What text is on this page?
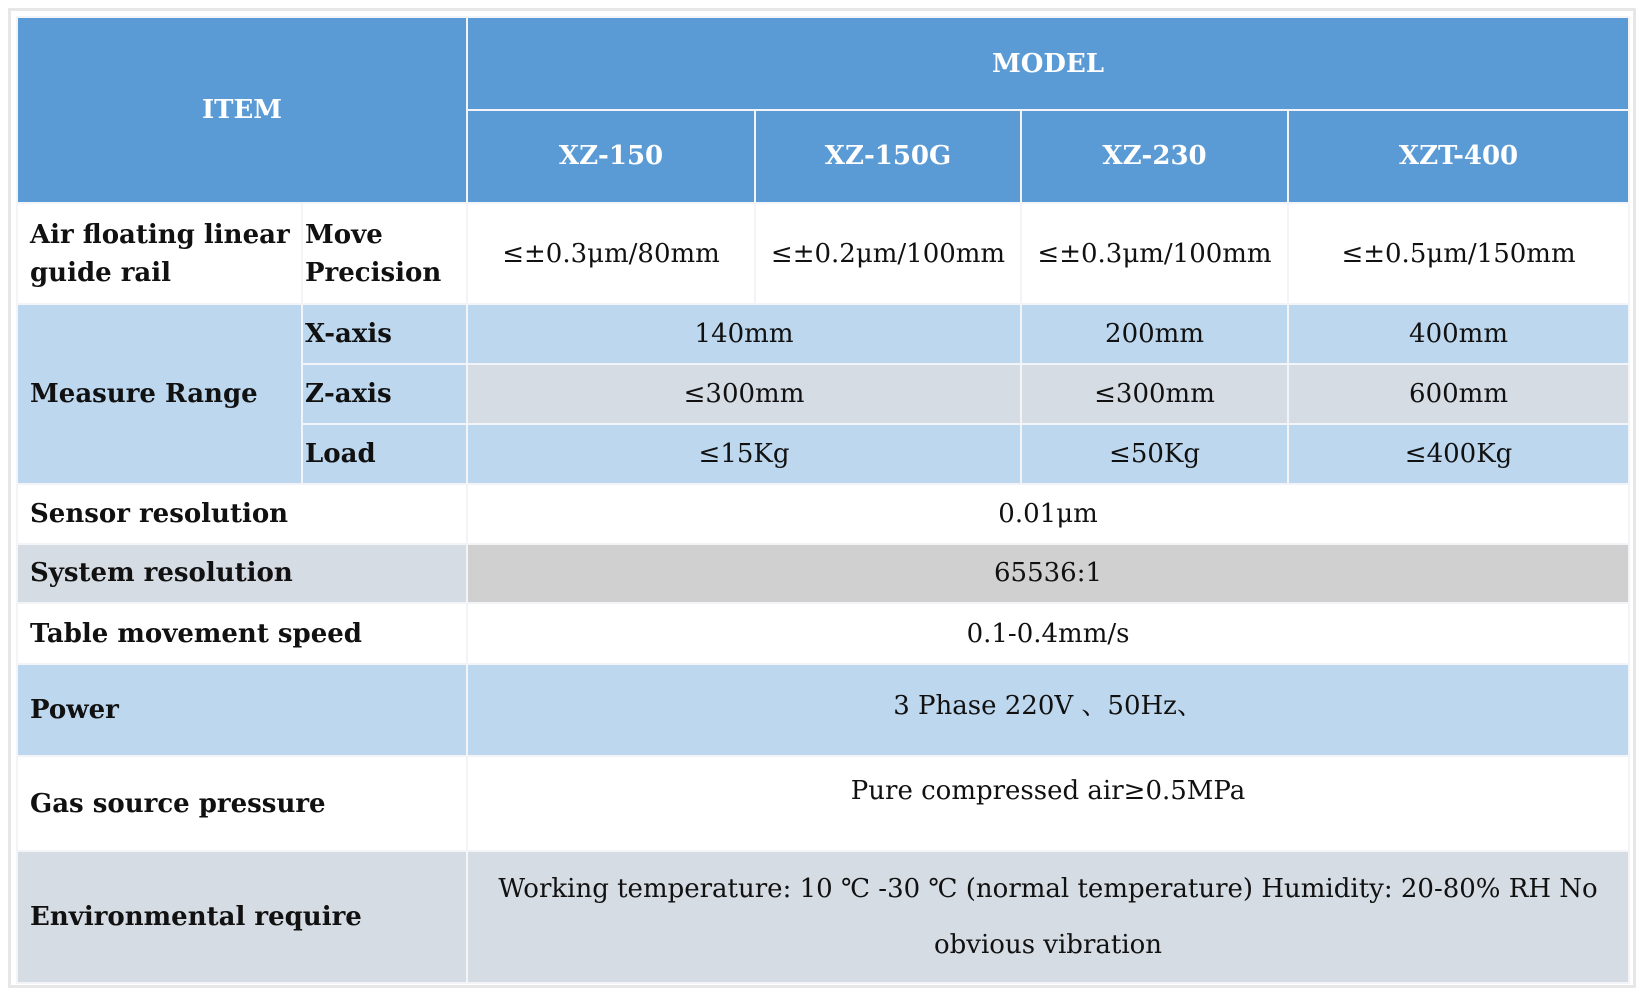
ITEM		MODEL			
		XZ-150	XZ-150G	XZ-230	XZT-400
Air floating linear guide rail	Move Precision	≤±0.3μm/80mm	≤±0.2μm/100mm	≤±0.3μm/100mm	≤±0.5μm/150mm
Measure Range	X-axis	140mm		200mm	400mm
	Z-axis	≤300mm		≤300mm	600mm
	Load	≤15Kg		≤50Kg	≤400Kg
Sensor resolution		0.01μm			
System resolution		65536:1			
Table movement speed		0.1-0.4mm/s			
Power		3 Phase 220V 、50Hz、			
Gas source pressure		Pure compressed air≥0.5MPa			
Environmental require		Working temperature: 10 ℃ -30 ℃ (normal temperature) Humidity: 20-80% RH No obvious vibration			
